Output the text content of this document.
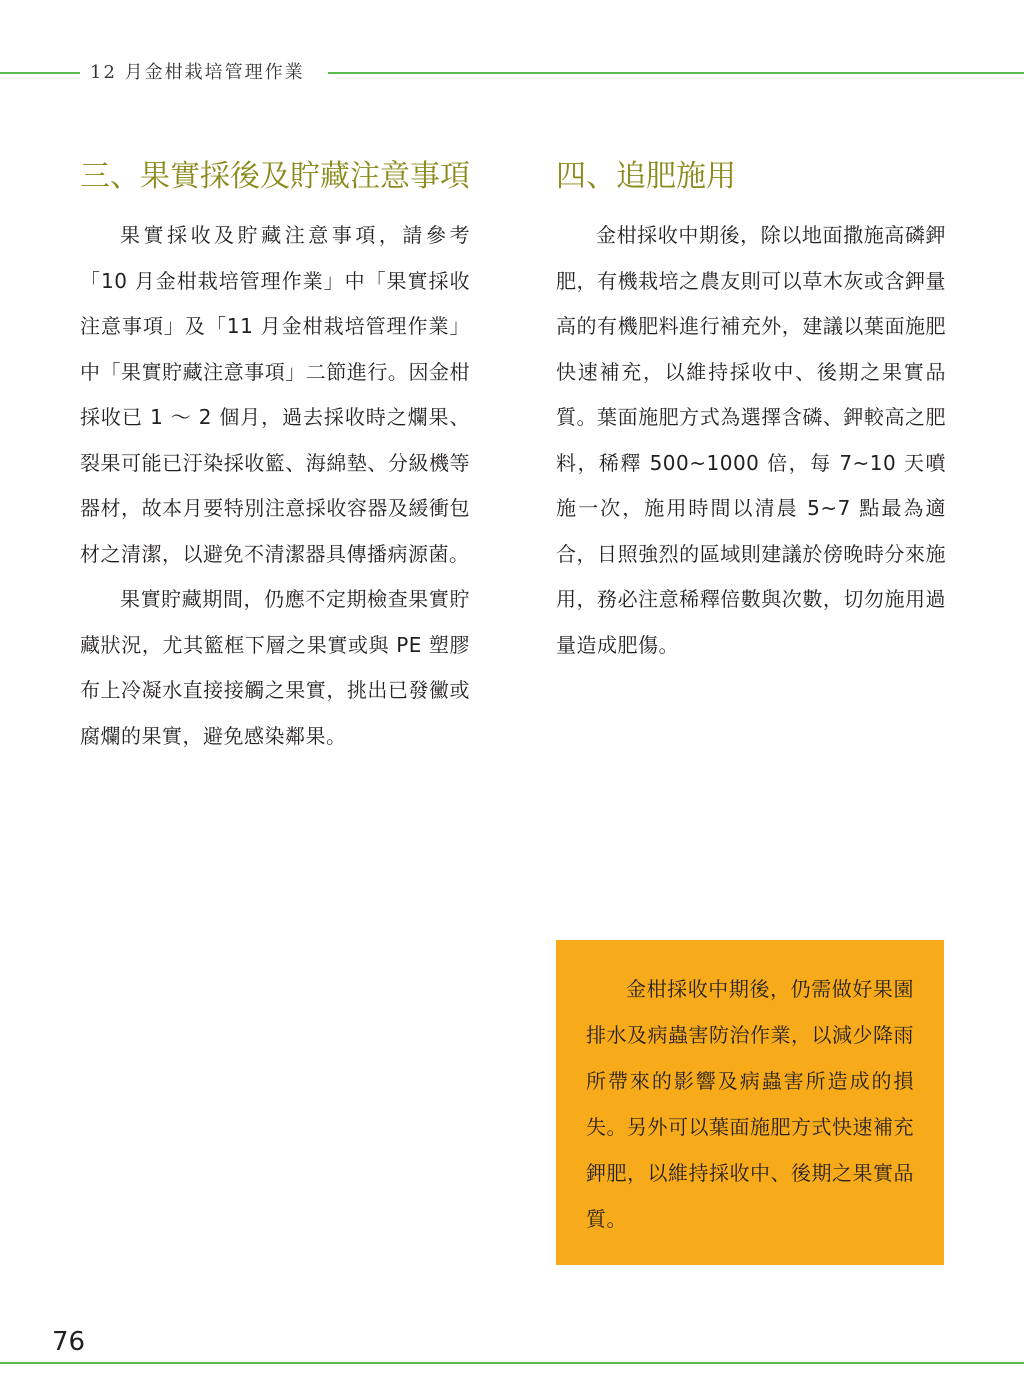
12 月金柑栽培管理作業
三、果實採後及貯藏注意事項

果實採收及貯藏注意事項，請參考「10 月金柑栽培管理作業」中「果實採收注意事項」及「11 月金柑栽培管理作業」中「果實貯藏注意事項」二節進行。因金柑採收已 1 ～ 2 個月，過去採收時之爛果、裂果可能已汙染採收籃、海綿墊、分級機等器材，故本月要特別注意採收容器及緩衝包材之清潔，以避免不清潔器具傳播病源菌。

果實貯藏期間，仍應不定期檢查果實貯藏狀況，尤其籃框下層之果實或與 PE 塑膠布上冷凝水直接接觸之果實，挑出已發黴或腐爛的果實，避免感染鄰果。

四、追肥施用

金柑採收中期後，除以地面撒施高磷鉀肥，有機栽培之農友則可以草木灰或含鉀量高的有機肥料進行補充外，建議以葉面施肥快速補充，以維持採收中、後期之果實品質。葉面施肥方式為選擇含磷、鉀較高之肥料，稀釋 500~1000 倍，每 7~10 天噴施一次，施用時間以清晨 5~7 點最為適合，日照強烈的區域則建議於傍晚時分來施用，務必注意稀釋倍數與次數，切勿施用過量造成肥傷。

金柑採收中期後，仍需做好果園排水及病蟲害防治作業，以減少降雨所帶來的影響及病蟲害所造成的損失。另外可以葉面施肥方式快速補充鉀肥，以維持採收中、後期之果實品質。

76
